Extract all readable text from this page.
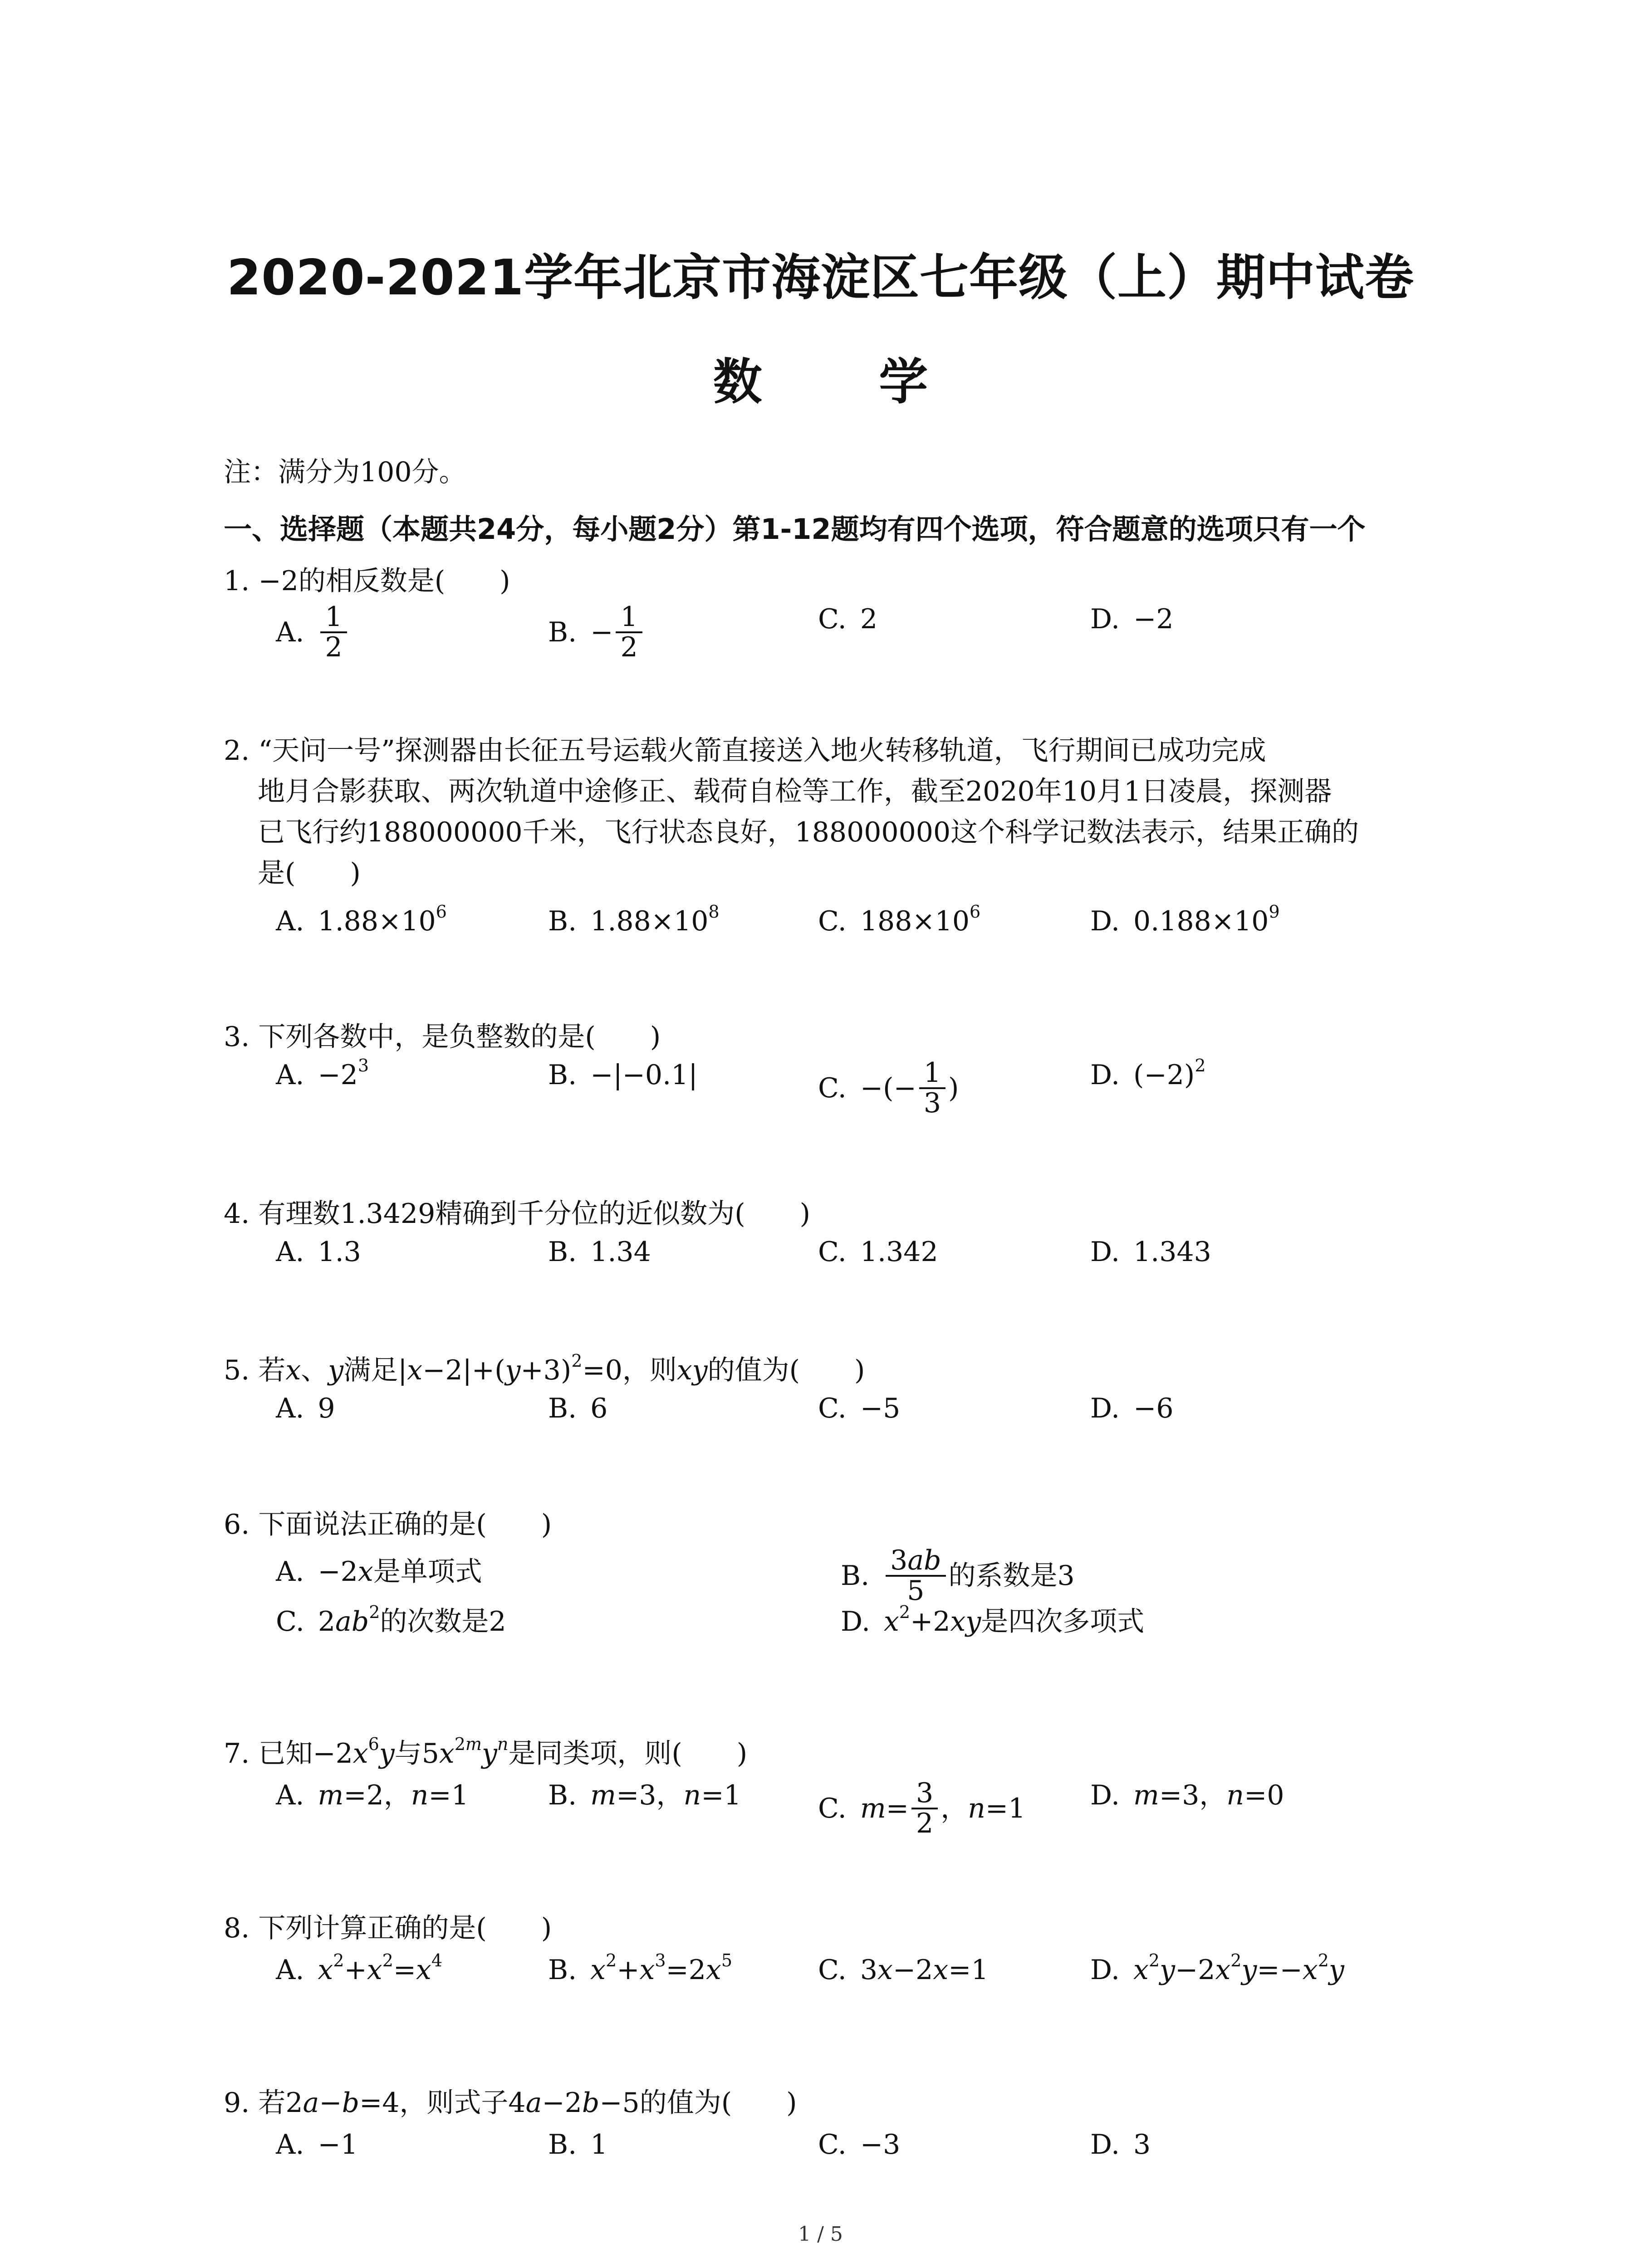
2020-2021学年北京市海淀区七年级（上）期中试卷
数 学
注：满分为100分。
一、选择题（本题共24分，每小题2分）第1-12题均有四个选项，符合题意的选项只有一个
1. −2的相反数是(　　)
A. $\frac{1}{2}$	B. − $\frac{1}{2}$	C. 2	D. −2
2. “天问一号”探测器由长征五号运载火箭直接送入地火转移轨道，飞行期间已成功完成
地月合影获取、两次轨道中途修正、载荷自检等工作，截至2020年10月1日凌晨，探测器
已飞行约188000000千米，飞行状态良好，188000000这个科学记数法表示，结果正确的
是(　　)
A. $1.88\times 10^6$	B. $1.88\times 10^8$	C. $188\times 10^6$	D. $0.188\times 10^9$
3. 下列各数中，是负整数的是(　　)
A. $-2^3$	B. −|−0.1|	C. −(− $\frac{1}{3}$ )	D. $(-2)^2$
4. 有理数1.3429精确到千分位的近似数为(　　)
A. 1.3	B. 1.34	C. 1.342	D. 1.343
5. 若x、y满足$|x-2|+(y+3)^2=0$，则xy的值为(　　)
A. 9	B. 6	C. −5	D. −6
6. 下面说法正确的是(　　)
A. −2x 是单项式	B. $\frac{3ab}{5}$ 的系数是3
C. $2ab^2$ 的次数是2	D. $x^2+2xy$ 是四次多项式
7. 已知$-2x^6y$与$5x^{2m}y^n$是同类项，则(　　)
A. m=2，n=1	B. m=3，n=1	C. $m= \frac{3}{2}$ ，n=1 D. m=3，n=0
8. 下列计算正确的是(　　)
A. $x^2+x^2=x^4$	B. $x^2+x^3=2x^5$	C. 3x−2x=1	D. $x^2y-2x^2y=-x^2y$
9. 若2a−b=4，则式子4a−2b−5的值为(　　)
A. −1	B. 1	C. −3	D. 3
1 / 5
